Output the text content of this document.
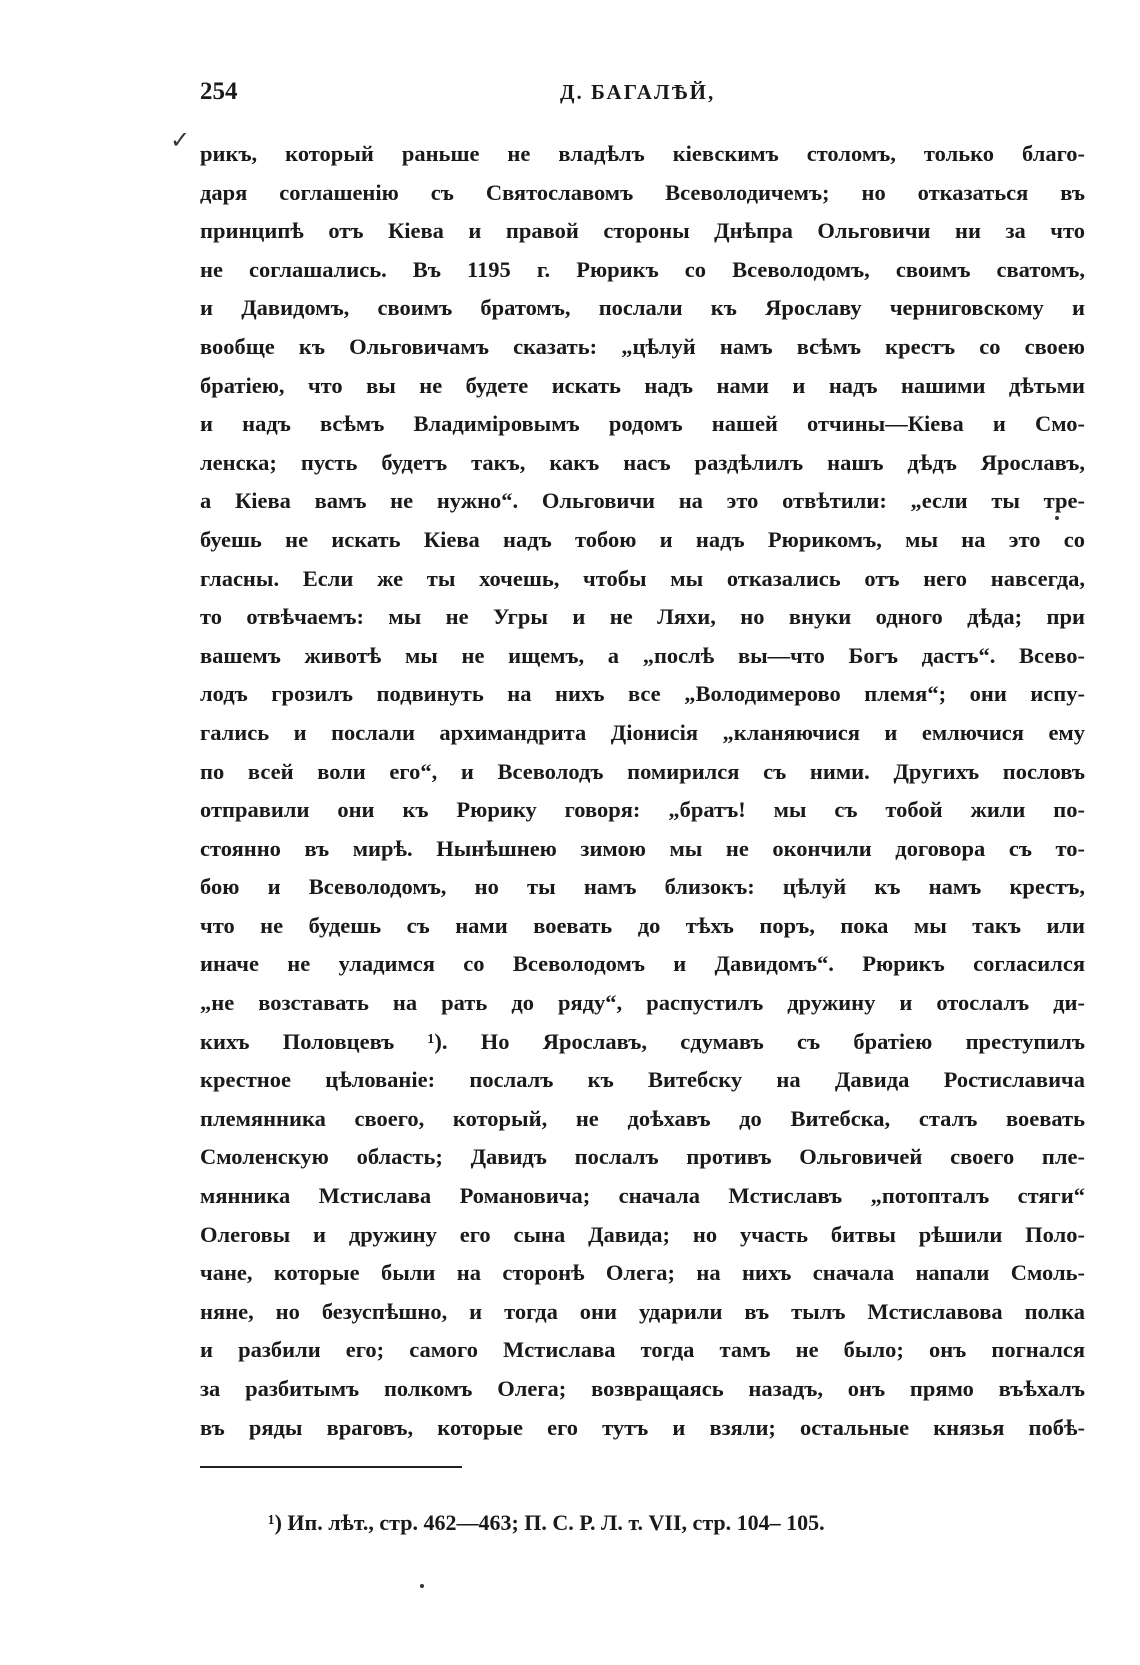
254	Д. БАГАЛѢЙ,
✓ рикъ, который раньше не владѣлъ кіевскимъ столомъ, только благо-
даря соглашенію съ Святославомъ Всеволодичемъ; но отказаться въ
принципѣ отъ Кіева и правой стороны Днѣпра Ольговичи ни за что
не соглашались. Въ 1195 г. Рюрикъ со Всеволодомъ, своимъ сватомъ,
и Давидомъ, своимъ братомъ, послали къ Ярославу черниговскому и
вообще къ Ольговичамъ сказать: „цѣлуй намъ всѣмъ крестъ со своею
братіею, что вы не будете искать надъ нами и надъ нашими дѣтьми
и надъ всѣмъ Владиміровымъ родомъ нашей отчины—Кіева и Смо-
ленска; пусть будетъ такъ, какъ насъ раздѣлилъ нашъ дѣдъ Ярославъ,
а Кіева вамъ не нужно“. Ольговичи на это отвѣтили: „если ты тре-
буешь не искать Кіева надъ тобою и надъ Рюрикомъ, мы на это со
гласны. Если же ты хочешь, чтобы мы отказались отъ него навсегда,
то отвѣчаемъ: мы не Угры и не Ляхи, но внуки одного дѣда; при
вашемъ животѣ мы не ищемъ, а „послѣ вы—что Богъ дастъ“. Всево-
лодъ грозилъ подвинуть на нихъ все „Володимерово племя“; они испу-
гались и послали архимандрита Діонисія „кланяючися и емлючися ему
по всей воли его“, и Всеволодъ помирился съ ними. Другихъ пословъ
отправили они къ Рюрику говоря: „братъ! мы съ тобой жили по-
стоянно въ мирѣ. Нынѣшнею зимою мы не окончили договора съ то-
бою и Всеволодомъ, но ты намъ близокъ: цѣлуй къ намъ крестъ,
что не будешь съ нами воевать до тѣхъ поръ, пока мы такъ или
иначе не уладимся со Всеволодомъ и Давидомъ“. Рюрикъ согласился
„не возставать на рать до ряду“, распустилъ дружину и отослалъ ди-
кихъ Половцевъ ¹). Но Ярославъ, сдумавъ съ братіею преступилъ
крестное цѣлованіе: послалъ къ Витебску на Давида Ростиславича
племянника своего, который, не доѣхавъ до Витебска, сталъ воевать
Смоленскую область; Давидъ послалъ противъ Ольговичей своего пле-
мянника Мстислава Романовича; сначала Мстиславъ „потопталъ стяги“
Олеговы и дружину его сына Давида; но участь битвы рѣшили Поло-
чане, которые были на сторонѣ Олега; на нихъ сначала напали Смоль-
няне, но безуспѣшно, и тогда они ударили въ тылъ Мстиславова полка
и разбили его; самого Мстислава тогда тамъ не было; онъ погнался
за разбитымъ полкомъ Олега; возвращаясь назадъ, онъ прямо въѣхалъ
въ ряды враговъ, которые его тутъ и взяли; остальные князья побѣ-
¹) Ип. лѣт., стр. 462—463; П. С. Р. Л. т. VII, стр. 104– 105.
